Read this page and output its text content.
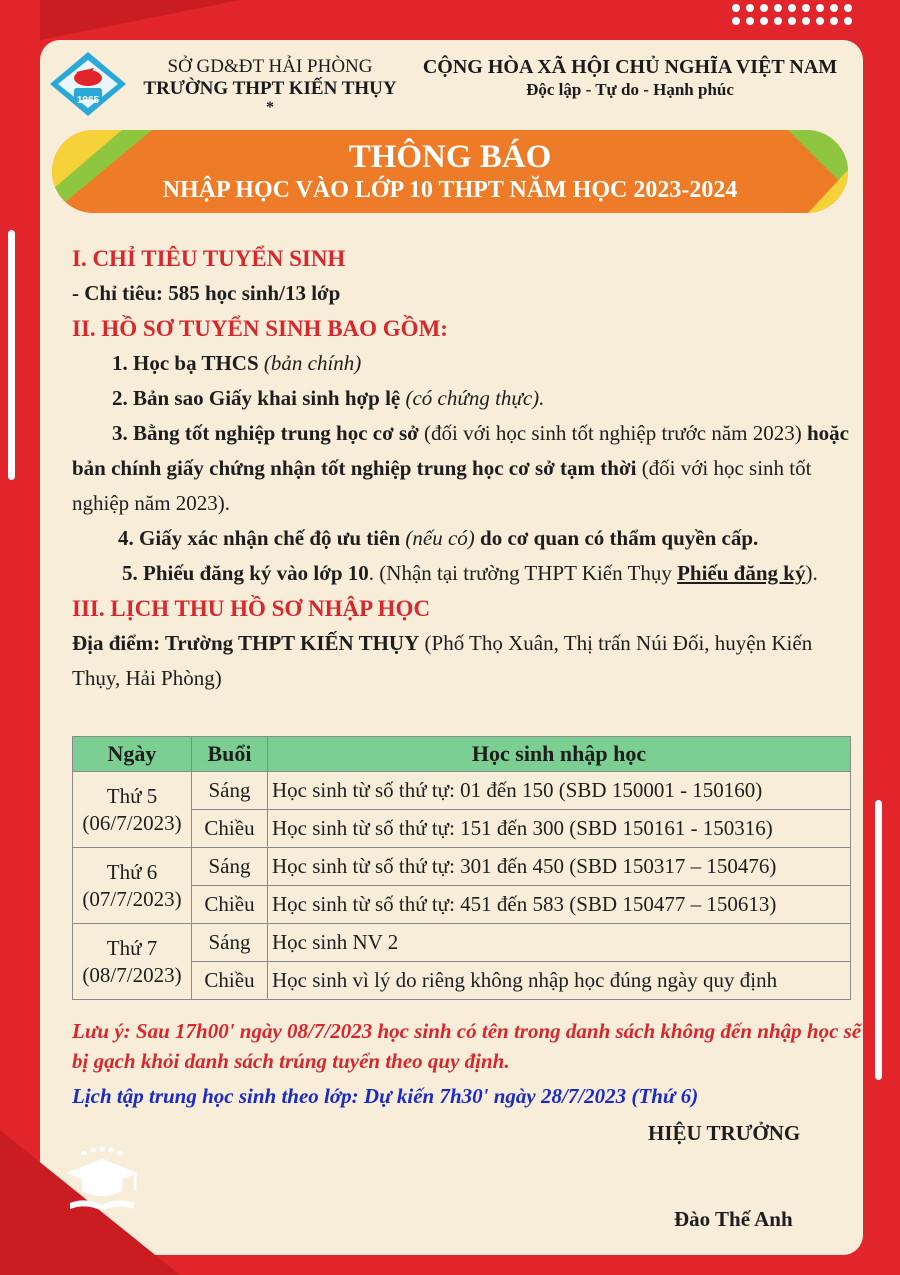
SỞ GD&ĐT HẢI PHÒNG
TRƯỜNG THPT KIẾN THỤY
*
1965
CỘNG HÒA XÃ HỘI CHỦ NGHĨA VIỆT NAM
Độc lập - Tự do - Hạnh phúc
THÔNG BÁO
NHẬP HỌC VÀO LỚP 10 THPT NĂM HỌC 2023-2024
I. CHỈ TIÊU TUYỂN SINH
- Chỉ tiêu: 585 học sinh/13 lớp
II. HỒ SƠ TUYỂN SINH BAO GỒM:
1. Học bạ THCS (bản chính)
2. Bản sao Giấy khai sinh hợp lệ (có chứng thực).
3. Bằng tốt nghiệp trung học cơ sở (đối với học sinh tốt nghiệp trước năm 2023) hoặc bản chính giấy chứng nhận tốt nghiệp trung học cơ sở tạm thời (đối với học sinh tốt nghiệp năm 2023).
4. Giấy xác nhận chế độ ưu tiên (nếu có) do cơ quan có thẩm quyền cấp.
5. Phiếu đăng ký vào lớp 10. (Nhận tại trường THPT Kiến Thụy Phiếu đăng ký).
III. LỊCH THU HỒ SƠ NHẬP HỌC
Địa điểm: Trường THPT KIẾN THỤY (Phố Thọ Xuân, Thị trấn Núi Đối, huyện Kiến Thụy, Hải Phòng)
Ngày	Buổi	Học sinh nhập học

Thứ 5
(06/7/2023)	Sáng	Học sinh từ số thứ tự: 01 đến 150 (SBD 150001 - 150160)
	Chiều	Học sinh từ số thứ tự: 151 đến 300 (SBD 150161 - 150316)

Thứ 6
(07/7/2023)	Sáng	Học sinh từ số thứ tự: 301 đến 450 (SBD 150317 – 150476)
	Chiều	Học sinh từ số thứ tự: 451 đến 583 (SBD 150477 – 150613)

Thứ 7
(08/7/2023)	Sáng	Học sinh NV 2
	Chiều	Học sinh vì lý do riêng không nhập học đúng ngày quy định
Lưu ý: Sau 17h00' ngày 08/7/2023 học sinh có tên trong danh sách không đến nhập học sẽ bị gạch khỏi danh sách trúng tuyển theo quy định.
Lịch tập trung học sinh theo lớp: Dự kiến 7h30' ngày 28/7/2023 (Thứ 6)
HIỆU TRƯỞNG
Đào Thế Anh
